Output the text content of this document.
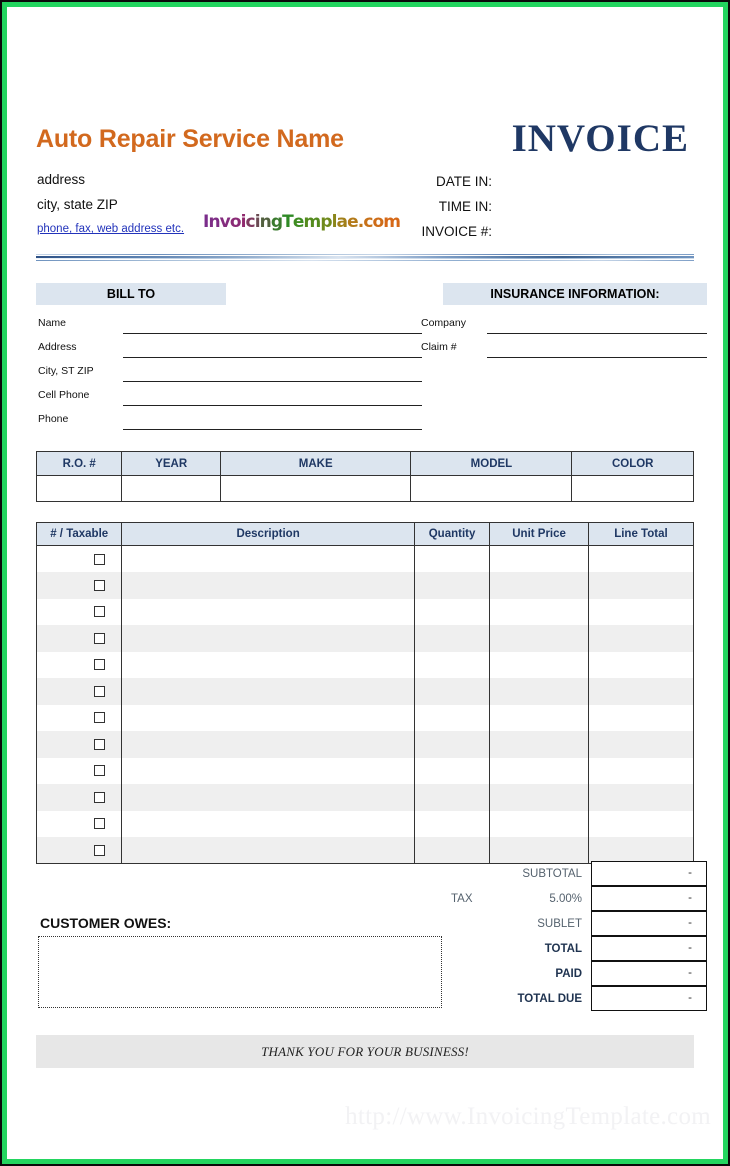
Auto Repair Service Name
address
city, state ZIP
phone, fax, web address etc. InvoicingTemplae.com
INVOICE
DATE IN:
TIME IN:
INVOICE #:
BILL TO	INSURANCE INFORMATION:
Name
Address
City, ST ZIP
Cell Phone
Phone
Company
Claim #
R.O. #	YEAR	MAKE	MODEL	COLOR

# / Taxable	Description	Quantity	Unit Price	Line Total

SUBTOTAL	-
TAX	5.00%	-
SUBLET	-
TOTAL	-
PAID	-
TOTAL DUE	-
CUSTOMER OWES:
THANK YOU FOR YOUR BUSINESS!
http://www.InvoicingTemplate.com
